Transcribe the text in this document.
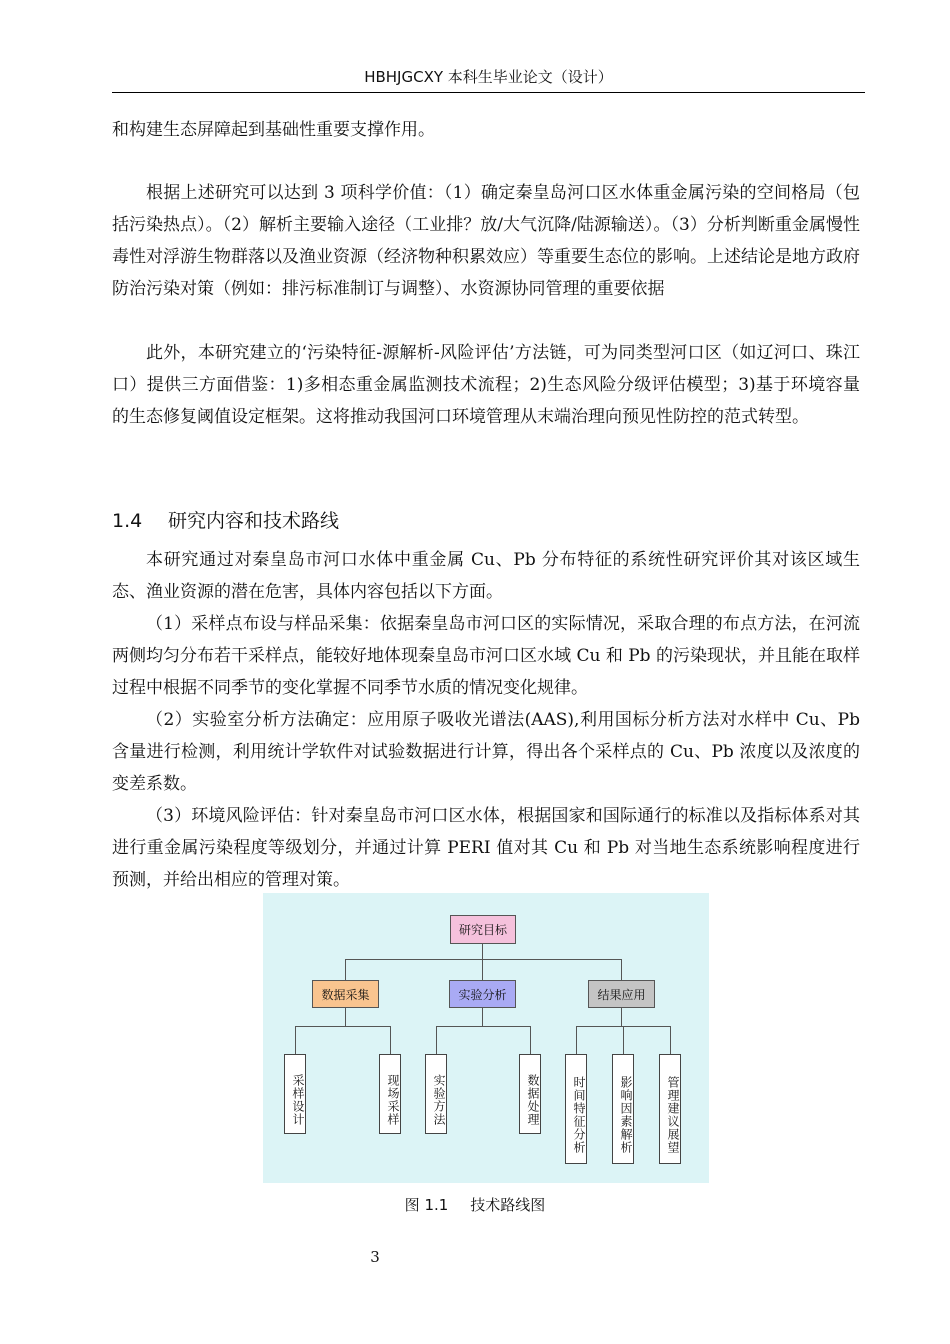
HBHJGCXY 本科生毕业论文（设计）

和构建生态屏障起到基础性重要支撑作用。

根据上述研究可以达到 3 项科学价值：（1）确定秦皇岛河口区水体重金属污染的空间格局（包括污染热点）。（2）解析主要输入途径（工业排？放/大气沉降/陆源输送）。（3）分析判断重金属慢性毒性对浮游生物群落以及渔业资源（经济物种积累效应）等重要生态位的影响。上述结论是地方政府防治污染对策（例如：排污标准制订与调整）、水资源协同管理的重要依据

此外，本研究建立的‘污染特征-源解析-风险评估’方法链，可为同类型河口区（如辽河口、珠江口）提供三方面借鉴：1)多相态重金属监测技术流程；2)生态风险分级评估模型；3)基于环境容量的生态修复阈值设定框架。这将推动我国河口环境管理从末端治理向预见性防控的范式转型。

1.4 研究内容和技术路线

本研究通过对秦皇岛市河口水体中重金属 Cu、Pb 分布特征的系统性研究评价其对该区域生态、渔业资源的潜在危害，具体内容包括以下方面。

（1）采样点布设与样品采集：依据秦皇岛市河口区的实际情况，采取合理的布点方法，在河流两侧均匀分布若干采样点，能较好地体现秦皇岛市河口区水域 Cu 和 Pb 的污染现状，并且能在取样过程中根据不同季节的变化掌握不同季节水质的情况变化规律。

（2）实验室分析方法确定：应用原子吸收光谱法(AAS),利用国标分析方法对水样中 Cu、Pb 含量进行检测，利用统计学软件对试验数据进行计算，得出各个采样点的 Cu、Pb 浓度以及浓度的变差系数。

（3）环境风险评估：针对秦皇岛市河口区水体，根据国家和国际通行的标准以及指标体系对其进行重金属污染程度等级划分，并通过计算 PERI 值对其 Cu 和 Pb 对当地生态系统影响程度进行预测，并给出相应的管理对策。

研究目标
数据采集	实验分析	结果应用
采样设计	现场采样	实验方法	数据处理	时间特征分析	影响因素解析	管理建议展望
图 1.1 技术路线图
3
